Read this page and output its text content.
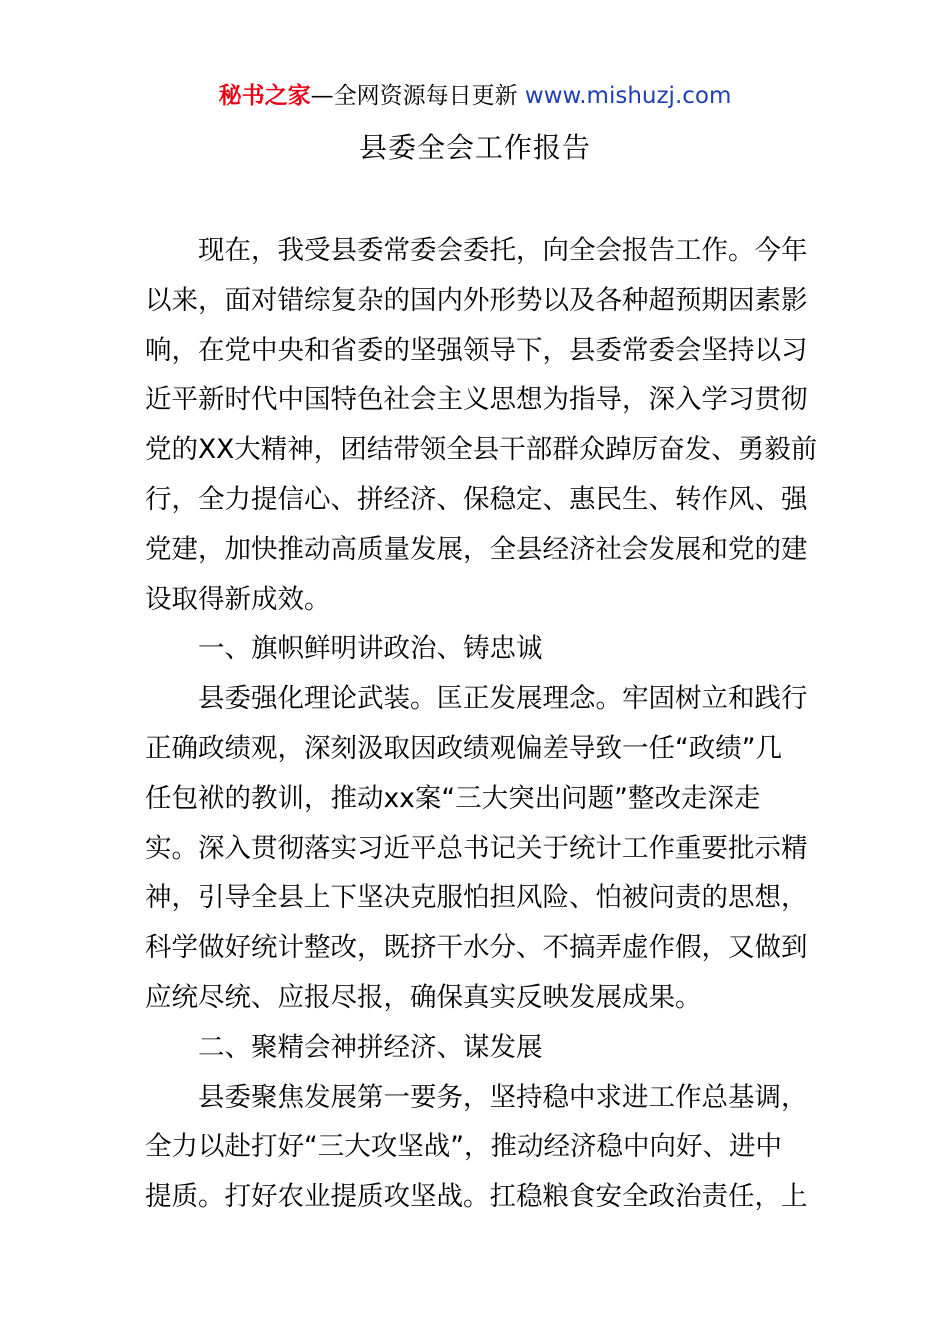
秘书之家—全网资源每日更新 www.mishuzj.com
县委全会工作报告
现在，我受县委常委会委托，向全会报告工作。今年
以来，面对错综复杂的国内外形势以及各种超预期因素影
响，在党中央和省委的坚强领导下，县委常委会坚持以习
近平新时代中国特色社会主义思想为指导，深入学习贯彻
党的XX大精神，团结带领全县干部群众踔厉奋发、勇毅前
行，全力提信心、拼经济、保稳定、惠民生、转作风、强
党建，加快推动高质量发展，全县经济社会发展和党的建
设取得新成效。
一、旗帜鲜明讲政治、铸忠诚
县委强化理论武装。匡正发展理念。牢固树立和践行
正确政绩观，深刻汲取因政绩观偏差导致一任“政绩”几
任包袱的教训，推动xx案“三大突出问题”整改走深走
实。深入贯彻落实习近平总书记关于统计工作重要批示精
神，引导全县上下坚决克服怕担风险、怕被问责的思想，
科学做好统计整改，既挤干水分、不搞弄虚作假，又做到
应统尽统、应报尽报，确保真实反映发展成果。
二、聚精会神拼经济、谋发展
县委聚焦发展第一要务，坚持稳中求进工作总基调，
全力以赴打好“三大攻坚战”，推动经济稳中向好、进中
提质。打好农业提质攻坚战。扛稳粮食安全政治责任，上
